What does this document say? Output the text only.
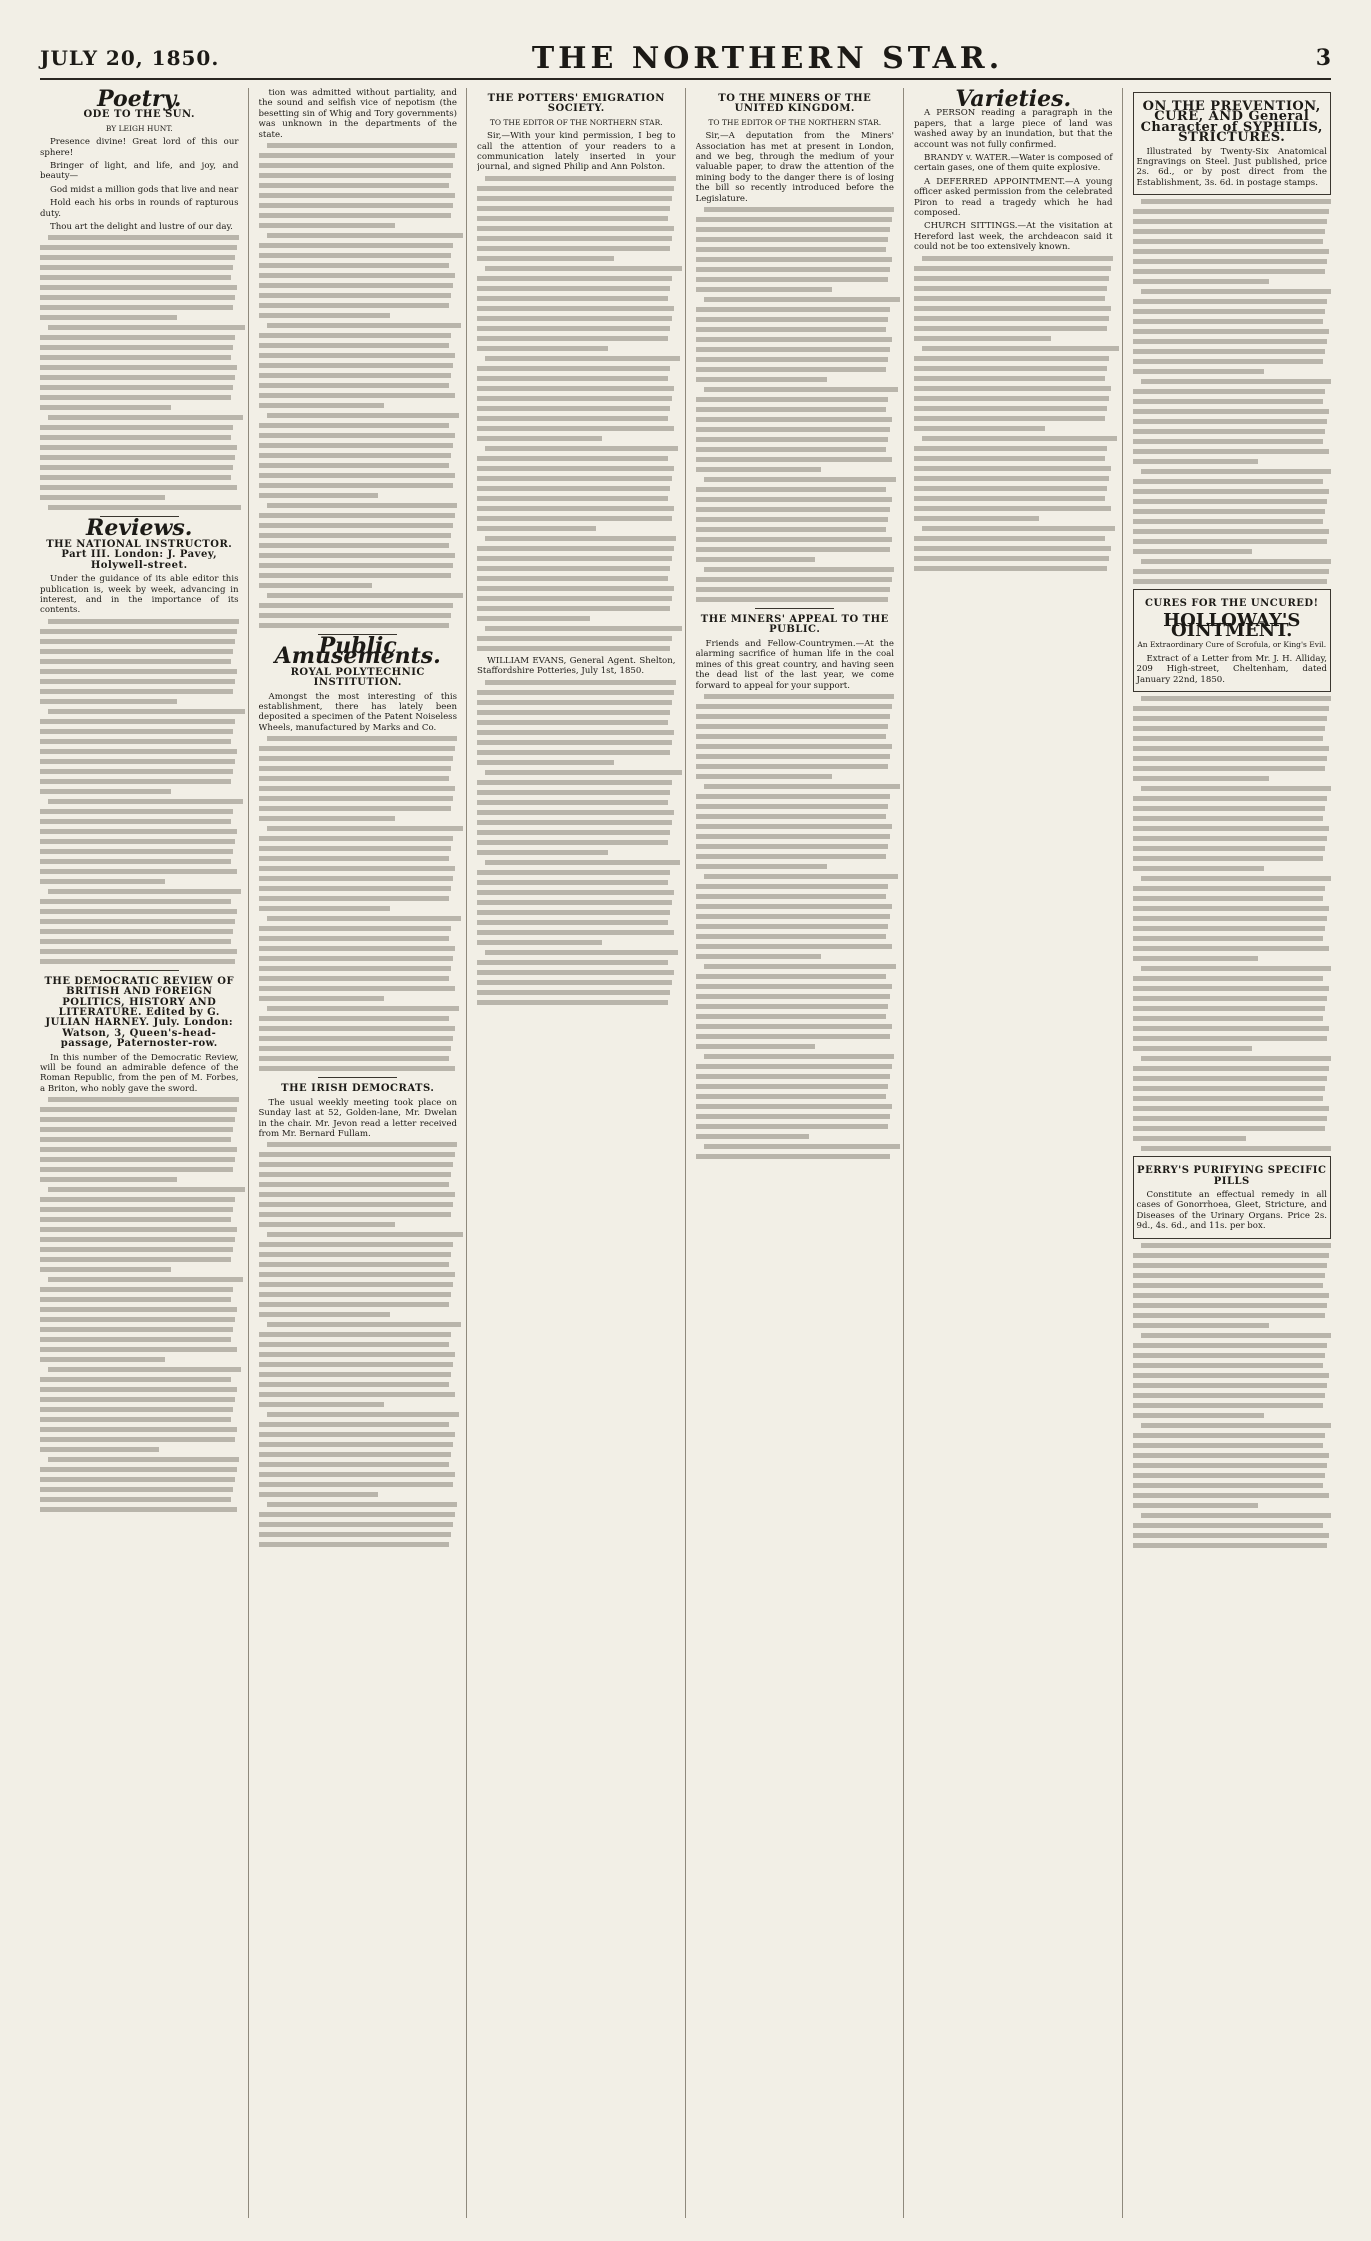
JULY 20, 1850.	THE NORTHERN STAR.	3
Poetry.
ODE TO THE SUN.
BY LEIGH HUNT.

Presence divine! Great lord of this our sphere!

Bringer of light, and life, and joy, and beauty—

God midst a million gods that live and near

Hold each his orbs in rounds of rapturous duty.

Thou art the delight and lustre of our day.

Reviews.
THE NATIONAL INSTRUCTOR. Part III. London: J. Pavey, Holywell-street.

Under the guidance of its able editor this publication is, week by week, advancing in interest, and in the importance of its contents.

THE DEMOCRATIC REVIEW OF BRITISH AND FOREIGN POLITICS, HISTORY AND LITERATURE. Edited by G. JULIAN HARNEY. July. London: Watson, 3, Queen's-head-passage, Paternoster-row.

In this number of the Democratic Review, will be found an admirable defence of the Roman Republic, from the pen of M. Forbes, a Briton, who nobly gave the sword.

tion was admitted without partiality, and the sound and selfish vice of nepotism (the besetting sin of Whig and Tory governments) was unknown in the departments of the state.

Public Amusements.
ROYAL POLYTECHNIC INSTITUTION.

Amongst the most interesting of this establishment, there has lately been deposited a specimen of the Patent Noiseless Wheels, manufactured by Marks and Co.

THE IRISH DEMOCRATS.

The usual weekly meeting took place on Sunday last at 52, Golden-lane, Mr. Dwelan in the chair. Mr. Jevon read a letter received from Mr. Bernard Fullam.

THE POTTERS' EMIGRATION SOCIETY.
TO THE EDITOR OF THE NORTHERN STAR.

Sir,—With your kind permission, I beg to call the attention of your readers to a communication lately inserted in your journal, and signed Philip and Ann Polston.

WILLIAM EVANS, General Agent. Shelton, Staffordshire Potteries, July 1st, 1850.

TO THE MINERS OF THE UNITED KINGDOM.
TO THE EDITOR OF THE NORTHERN STAR.

Sir,—A deputation from the Miners' Association has met at present in London, and we beg, through the medium of your valuable paper, to draw the attention of the mining body to the danger there is of losing the bill so recently introduced before the Legislature.

THE MINERS' APPEAL TO THE PUBLIC.

Friends and Fellow-Countrymen.—At the alarming sacrifice of human life in the coal mines of this great country, and having seen the dead list of the last year, we come forward to appeal for your support.

Varieties.

A PERSON reading a paragraph in the papers, that a large piece of land was washed away by an inundation, but that the account was not fully confirmed.

BRANDY v. WATER.—Water is composed of certain gases, one of them quite explosive.

A DEFERRED APPOINTMENT.—A young officer asked permission from the celebrated Piron to read a tragedy which he had composed.

CHURCH SITTINGS.—At the visitation at Hereford last week, the archdeacon said it could not be too extensively known.

ON THE PREVENTION, CURE, AND General Character of SYPHILIS, STRICTURES.

Illustrated by Twenty-Six Anatomical Engravings on Steel. Just published, price 2s. 6d., or by post direct from the Establishment, 3s. 6d. in postage stamps.

CURES FOR THE UNCURED!
HOLLOWAY'S OINTMENT.
An Extraordinary Cure of Scrofula, or King's Evil.

Extract of a Letter from Mr. J. H. Alliday, 209 High-street, Cheltenham, dated January 22nd, 1850.

PERRY'S PURIFYING SPECIFIC PILLS

Constitute an effectual remedy in all cases of Gonorrhoea, Gleet, Stricture, and Diseases of the Urinary Organs. Price 2s. 9d., 4s. 6d., and 11s. per box.
